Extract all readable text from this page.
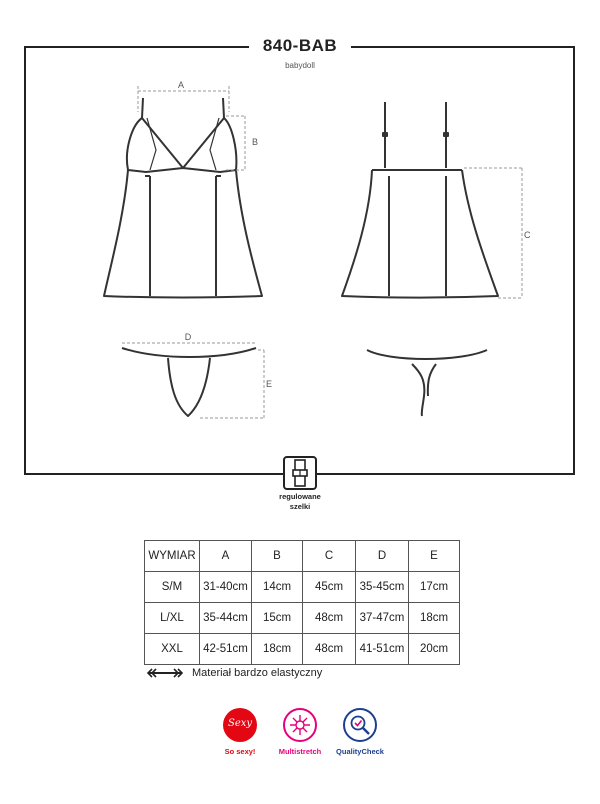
840-BAB
babydoll
A
B
C
D
E
regulowane
szelki
WYMIAR	A	B	C	D	E
S/M	31-40cm	14cm	45cm	35-45cm	17cm
L/XL	35-44cm	15cm	48cm	37-47cm	18cm
XXL	42-51cm	18cm	48cm	41-51cm	20cm
Materiał bardzo elastyczny
Sexy
So sexy!	Multistretch	QualityCheck
